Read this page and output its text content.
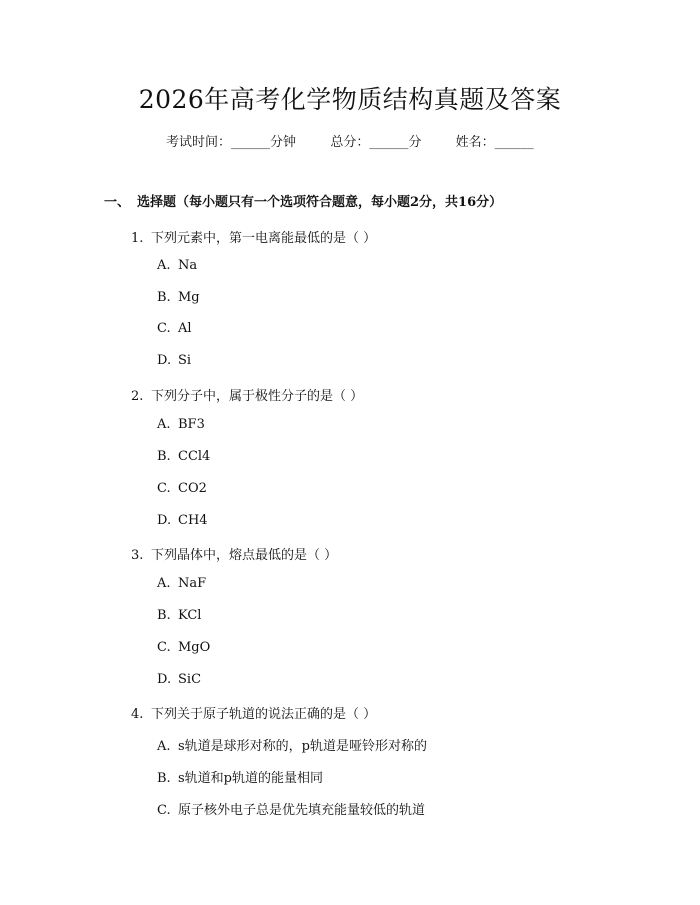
2026年高考化学物质结构真题及答案
考试时间：______分钟	总分：______分	姓名：______
一、 选择题（每小题只有一个选项符合题意，每小题2分，共16分）
1. 下列元素中，第一电离能最低的是（ ）
A. Na
B. Mg
C. Al
D. Si
2. 下列分子中，属于极性分子的是（ ）
A. BF3
B. CCl4
C. CO2
D. CH4
3. 下列晶体中，熔点最低的是（ ）
A. NaF
B. KCl
C. MgO
D. SiC
4. 下列关于原子轨道的说法正确的是（ ）
A. s轨道是球形对称的，p轨道是哑铃形对称的
B. s轨道和p轨道的能量相同
C. 原子核外电子总是优先填充能量较低的轨道
